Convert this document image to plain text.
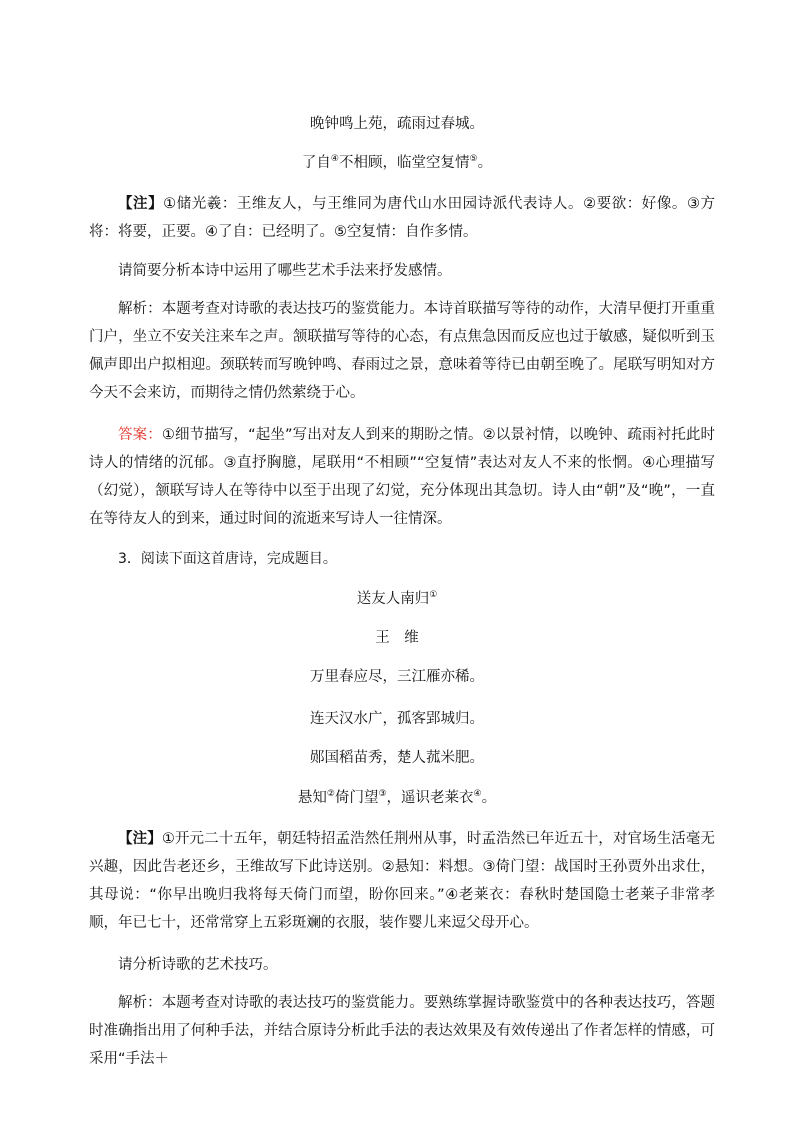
晚钟鸣上苑，疏雨过春城。
了自④不相顾，临堂空复情⑤。

【注】①储光羲：王维友人，与王维同为唐代山水田园诗派代表诗人。②要欲：好像。③方将：将要，正要。④了自：已经明了。⑤空复情：自作多情。

请简要分析本诗中运用了哪些艺术手法来抒发感情。

解析：本题考查对诗歌的表达技巧的鉴赏能力。本诗首联描写等待的动作，大清早便打开重重门户，坐立不安关注来车之声。颔联描写等待的心态，有点焦急因而反应也过于敏感，疑似听到玉佩声即出户拟相迎。颈联转而写晚钟鸣、春雨过之景，意味着等待已由朝至晚了。尾联写明知对方今天不会来访，而期待之情仍然萦绕于心。

答案：①细节描写，“起坐”写出对友人到来的期盼之情。②以景衬情，以晚钟、疏雨衬托此时诗人的情绪的沉郁。③直抒胸臆，尾联用“不相顾”“空复情”表达对友人不来的怅惘。④心理描写（幻觉），颔联写诗人在等待中以至于出现了幻觉，充分体现出其急切。诗人由“朝”及“晚”，一直在等待友人的到来，通过时间的流逝来写诗人一往情深。

3．阅读下面这首唐诗，完成题目。

送友人南归①
王　维
万里春应尽，三江雁亦稀。
连天汉水广，孤客郢城归。
郧国稻苗秀，楚人菰米肥。
悬知②倚门望③，遥识老莱衣④。

【注】①开元二十五年，朝廷特招孟浩然任荆州从事，时孟浩然已年近五十，对官场生活毫无兴趣，因此告老还乡，王维故写下此诗送别。②悬知：料想。③倚门望：战国时王孙贾外出求仕，其母说：“你早出晚归我将每天倚门而望，盼你回来。”④老莱衣：春秋时楚国隐士老莱子非常孝顺，年已七十，还常常穿上五彩斑斓的衣服，装作婴儿来逗父母开心。

请分析诗歌的艺术技巧。

解析：本题考查对诗歌的表达技巧的鉴赏能力。要熟练掌握诗歌鉴赏中的各种表达技巧，答题时准确指出用了何种手法，并结合原诗分析此手法的表达效果及有效传递出了作者怎样的情感，可采用“手法＋
